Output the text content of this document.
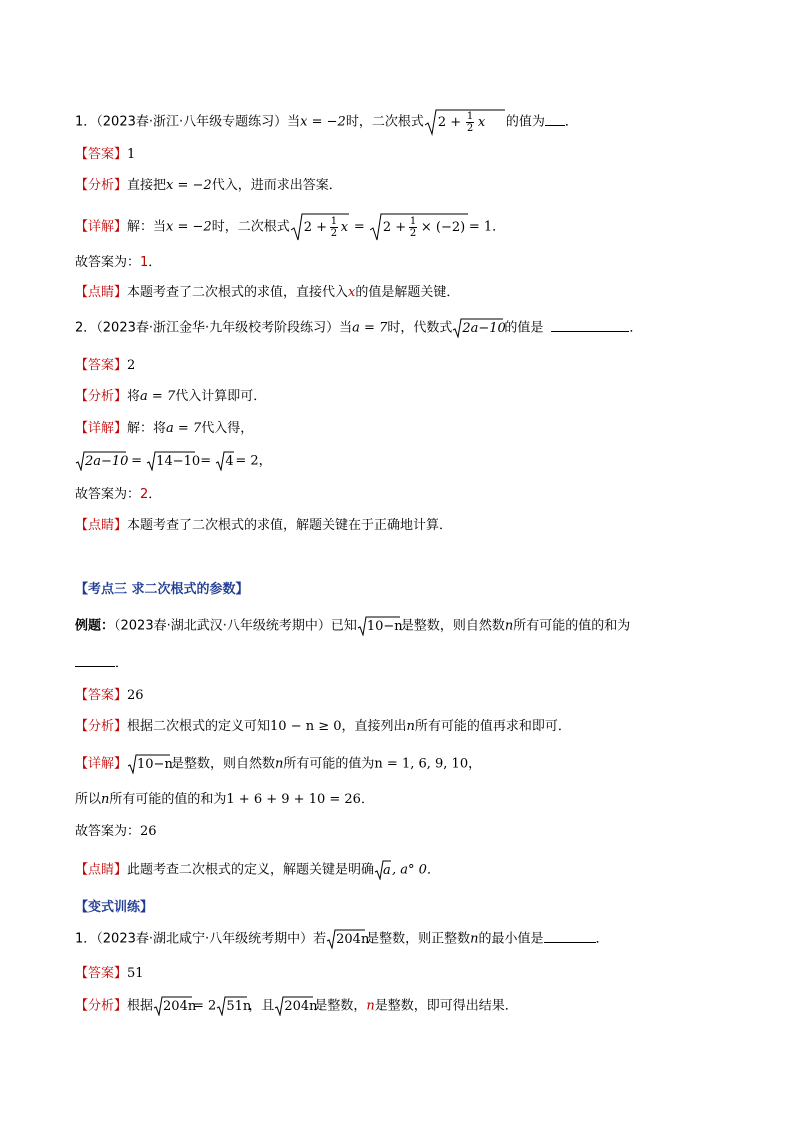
1．（2023春·浙江·八年级专题练习）当x = −2时，二次根式 $2 + \frac{1}{2}$ x 的值为 ．
【答案】1
【分析】直接把x = −2代入，进而求出答案．
【详解】解：当x = −2时，二次根式 $2 + \frac{1}{2}$ $x = 2 + \frac{1}{2} \times (-2) = 1$．
故答案为：1．
【点睛】本题考查了二次根式的求值，直接代入x的值是解题关键．
2．（2023春·浙江金华·九年级校考阶段练习）当a = 7时，代数式 2a−10
的值是	．
【答案】2
【分析】将a = 7代入计算即可．
【详解】解：将a = 7代入得，
2a−10
= 14−10
= 4 = 2，
故答案为：2．
【点睛】本题考查了二次根式的求值，解题关键在于正确地计算．
【考点三 求二次根式的参数】
例题：（2023春·湖北武汉·八年级统考期中）已知 10−n
是整数，则自然数n所有可能的值的和为
．
【答案】26
【分析】根据二次根式的定义可知10 − n ≥ 0，直接列出n所有可能的值再求和即可．
【详解】 10−n
是整数，则自然数n所有可能的值为n = 1, 6, 9, 10，
所以n所有可能的值的和为1 + 6 + 9 + 10 = 26．
故答案为：26
【点睛】此题考查二次根式的定义，解题关键是明确 a , a° 0．
【变式训练】
1．（2023春·湖北咸宁·八年级统考期中）若 204n
是整数，则正整数n的最小值是	．
【答案】51
【分析】根据 204n
= 2 51n
，且 204n
是整数，n是整数，即可得出结果．
